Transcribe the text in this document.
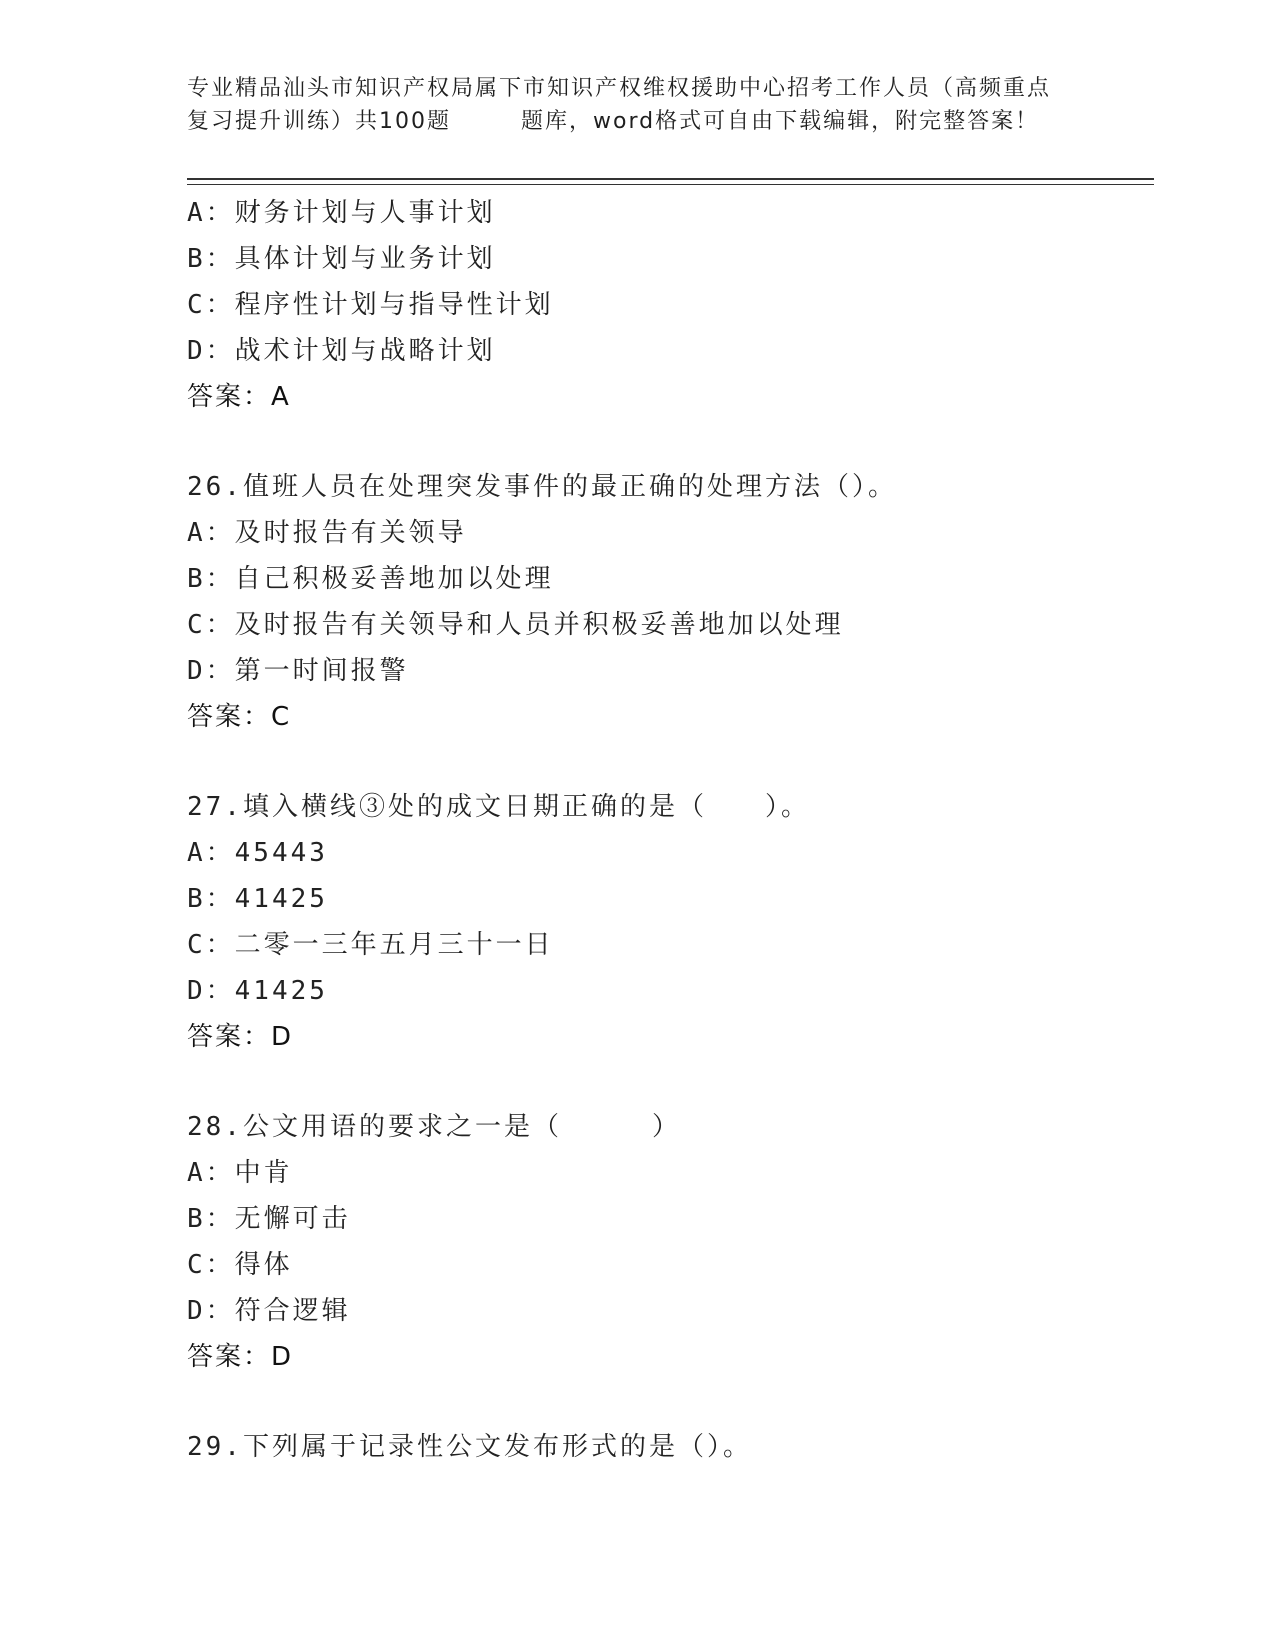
专业精品汕头市知识产权局属下市知识产权维权援助中心招考工作人员（高频重点
复习提升训练）共100题	题库，word格式可自由下载编辑，附完整答案！
A：财务计划与人事计划
B：具体计划与业务计划
C：程序性计划与指导性计划
D：战术计划与战略计划
答案：A
26.值班人员在处理突发事件的最正确的处理方法（）。
A：及时报告有关领导
B：自己积极妥善地加以处理
C：及时报告有关领导和人员并积极妥善地加以处理
D：第一时间报警
答案：C
27.填入横线③处的成文日期正确的是（ ）。
A：45443
B：41425
C：二零一三年五月三十一日
D：41425
答案：D
28.公文用语的要求之一是（	）
A：中肯
B：无懈可击
C：得体
D：符合逻辑
答案：D
29.下列属于记录性公文发布形式的是（）。
